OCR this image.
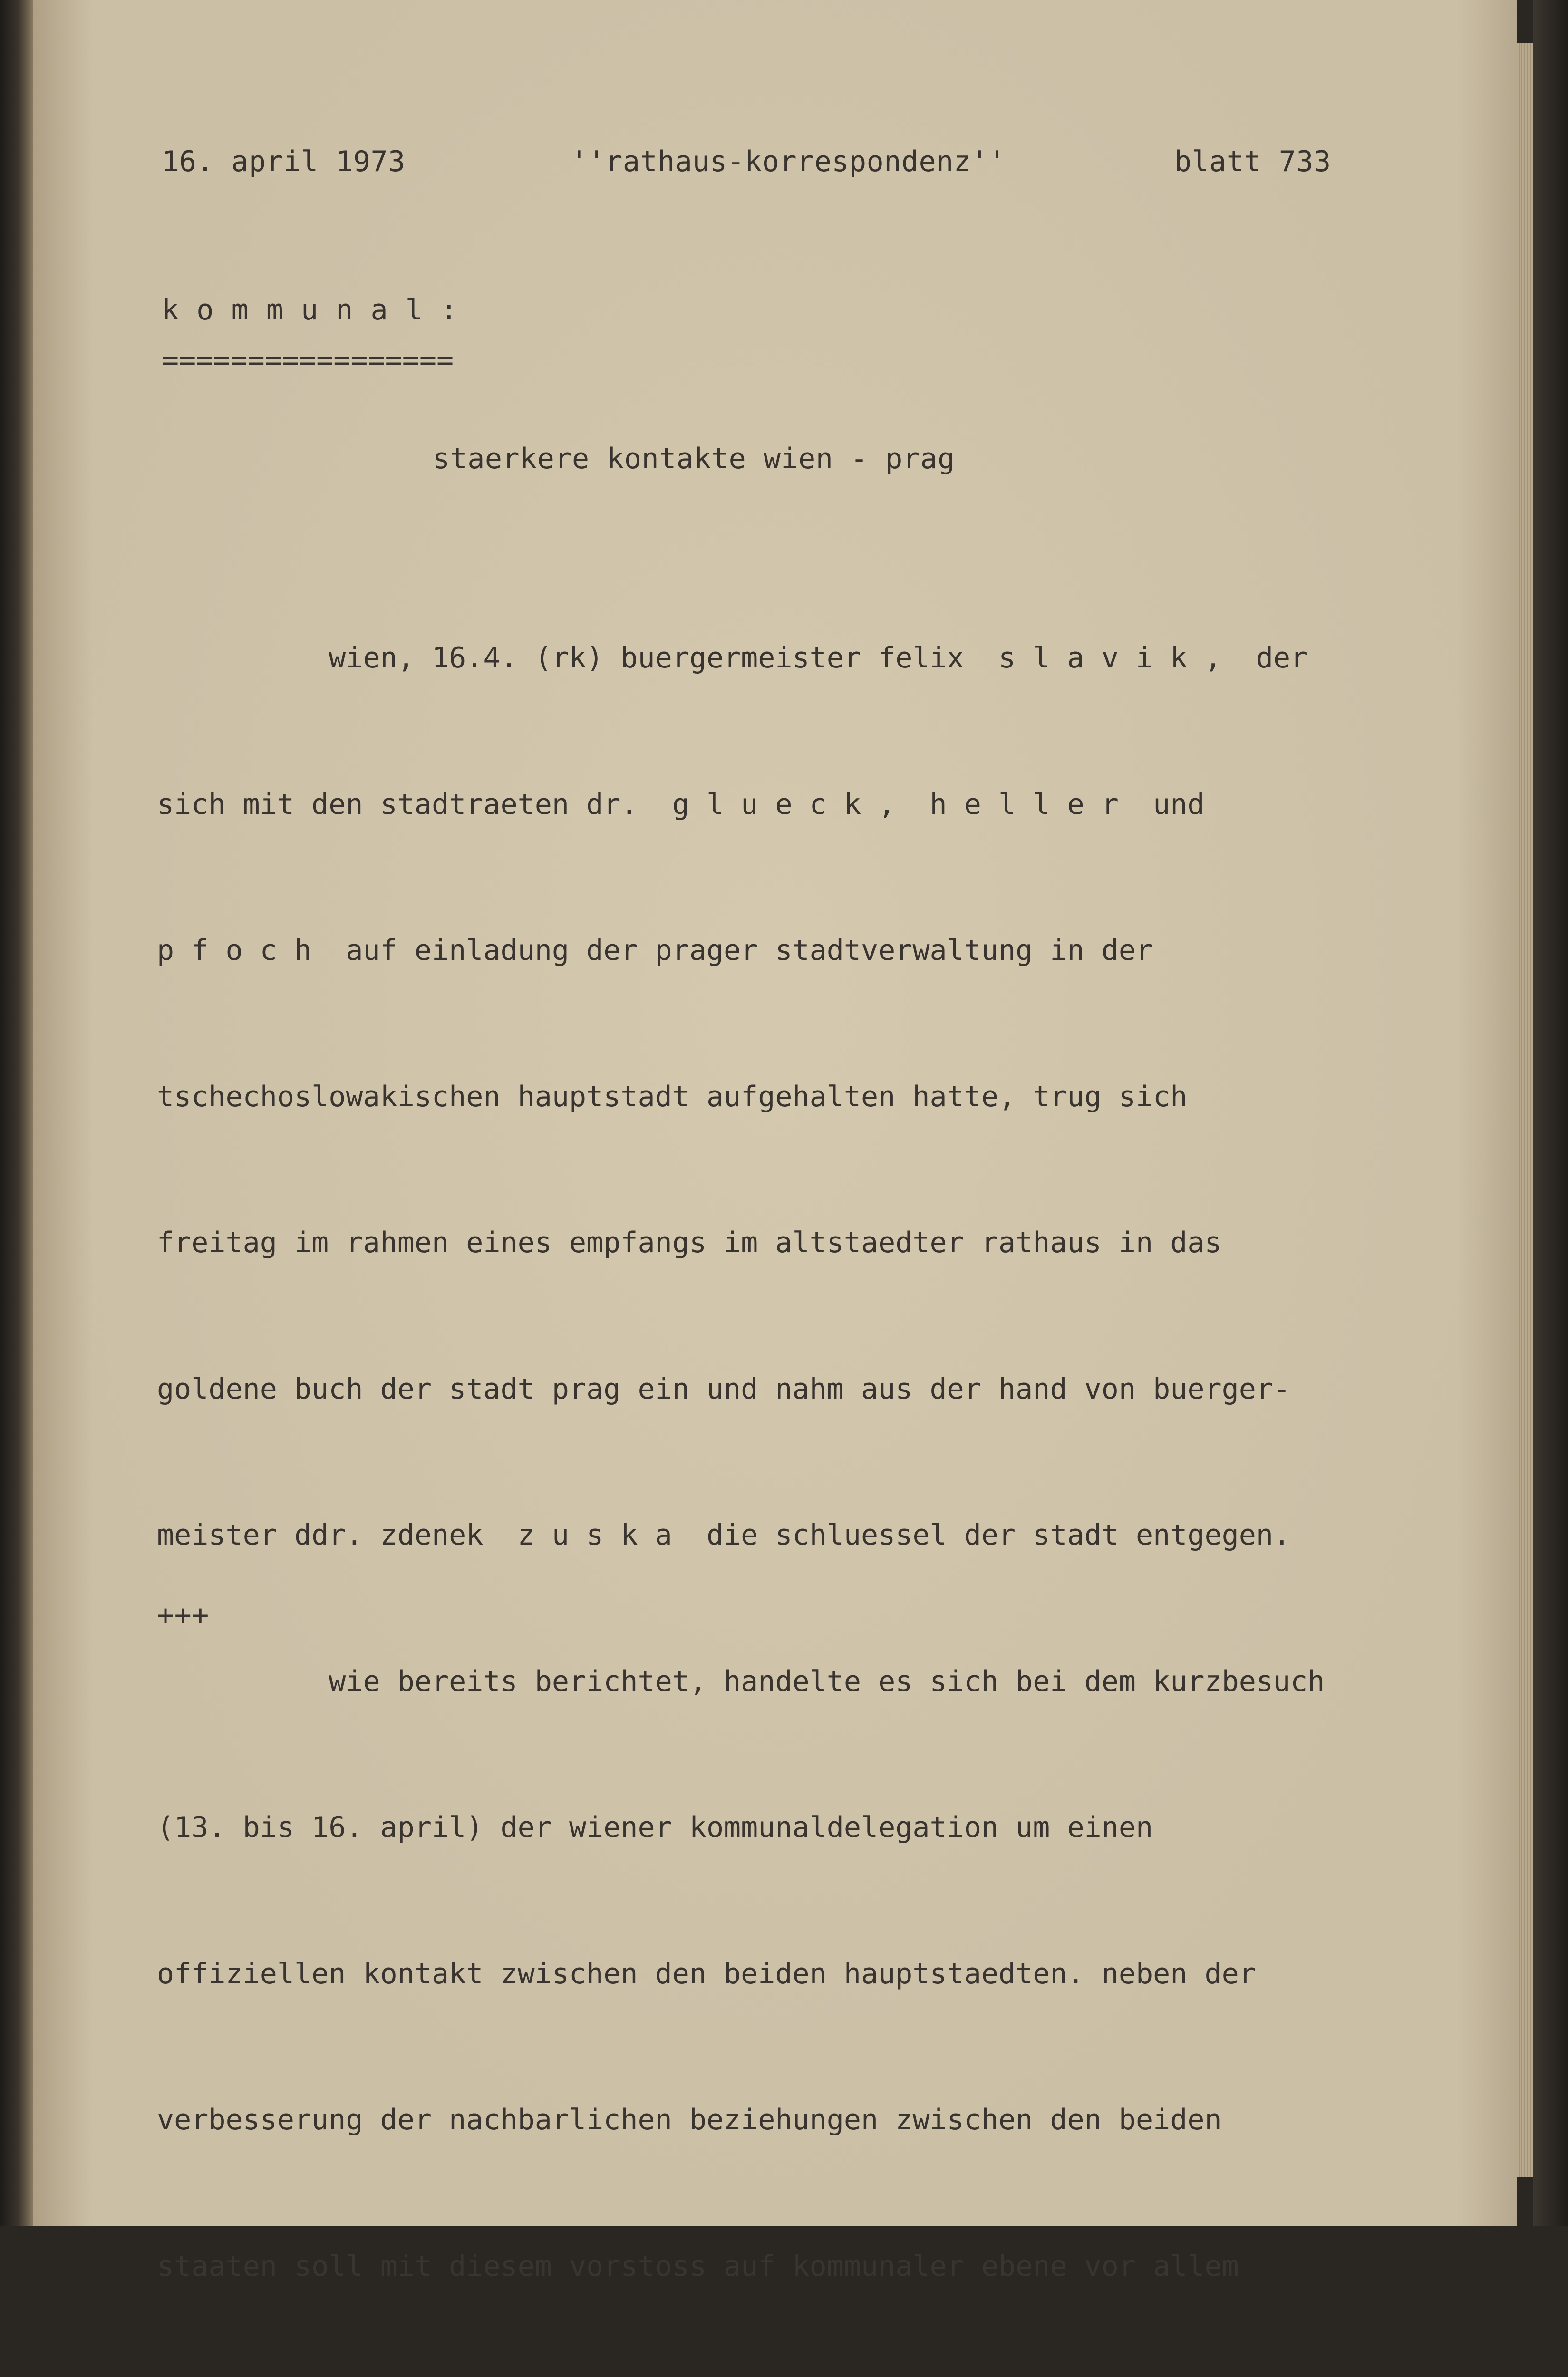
16. april 1973	''rathaus-korrespondenz''	blatt 733
k o m m u n a l :
=================
staerkere kontakte wien - prag

wien, 16.4. (rk) buergermeister felix  s l a v i k ,  der

sich mit den stadtraeten dr.  g l u e c k ,  h e l l e r  und

p f o c h  auf einladung der prager stadtverwaltung in der

tschechoslowakischen hauptstadt aufgehalten hatte, trug sich

freitag im rahmen eines empfangs im altstaedter rathaus in das

goldene buch der stadt prag ein und nahm aus der hand von buerger-

meister ddr. zdenek  z u s k a  die schluessel der stadt entgegen.

wie bereits berichtet, handelte es sich bei dem kurzbesuch

(13. bis 16. april) der wiener kommunaldelegation um einen

offiziellen kontakt zwischen den beiden hauptstaedten. neben der

verbesserung der nachbarlichen beziehungen zwischen den beiden

staaten soll mit diesem vorstoss auf kommunaler ebene vor allem

+++
